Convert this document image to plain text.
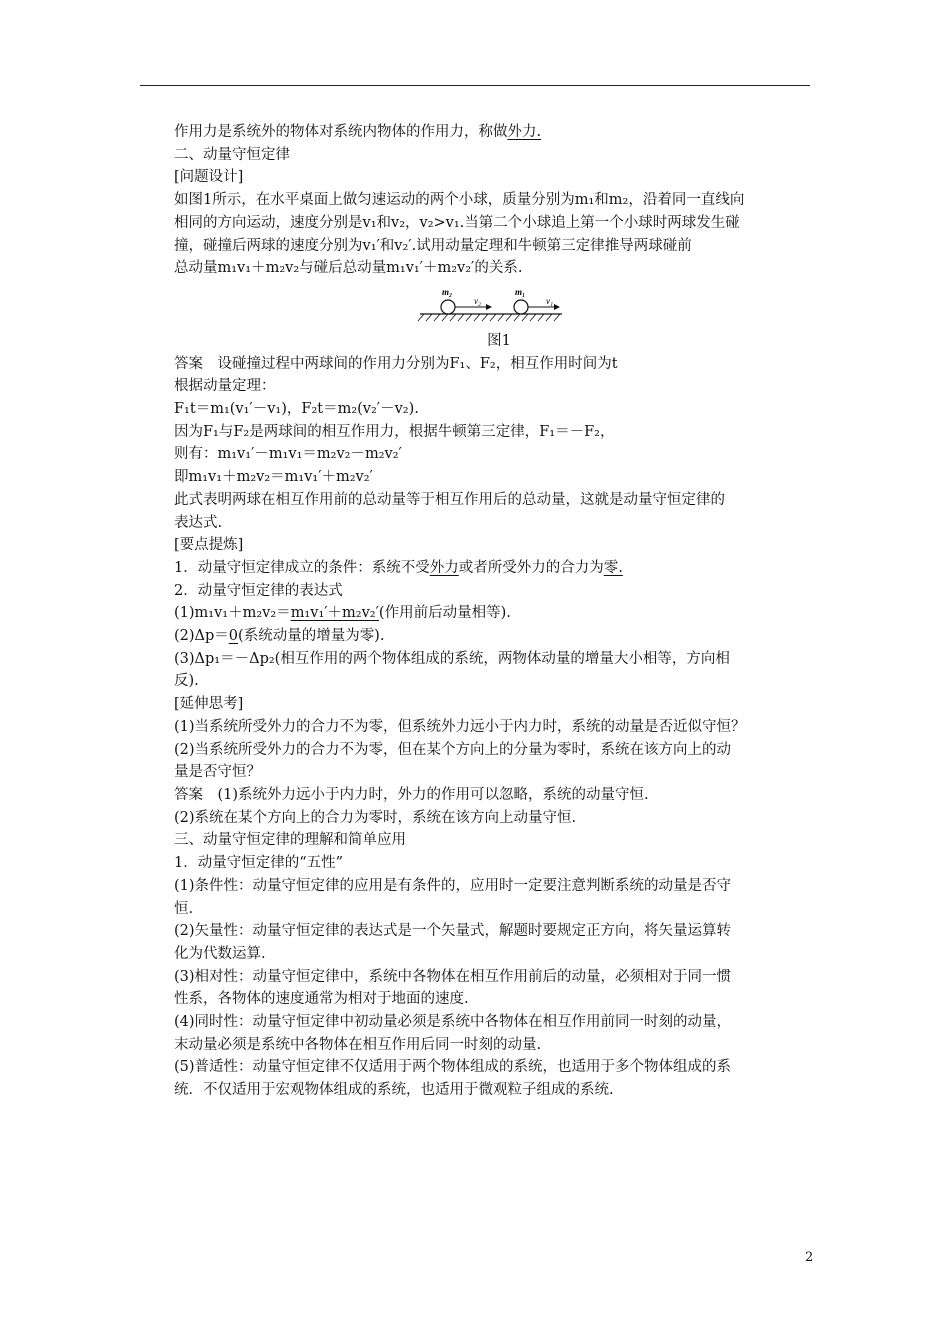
作用力是系统外的物体对系统内物体的作用力，称做外力.
二、动量守恒定律
[问题设计]
如图1所示，在水平桌面上做匀速运动的两个小球，质量分别为m₁和m₂，沿着同一直线向
相同的方向运动，速度分别是v₁和v₂，v₂>v₁.当第二个小球追上第一个小球时两球发生碰
撞，碰撞后两球的速度分别为v₁′和v₂′.试用动量定理和牛顿第三定律推导两球碰前
总动量m₁v₁＋m₂v₂与碰后总动量m₁v₁′＋m₂v₂′的关系.
m₂
v₂
m₁
v₁
图1
答案　设碰撞过程中两球间的作用力分别为F₁、F₂，相互作用时间为t
根据动量定理：
F₁t＝m₁(v₁′－v₁)，F₂t＝m₂(v₂′－v₂).
因为F₁与F₂是两球间的相互作用力，根据牛顿第三定律，F₁＝－F₂，
则有：m₁v₁′－m₁v₁＝m₂v₂－m₂v₂′
即m₁v₁＋m₂v₂＝m₁v₁′＋m₂v₂′
此式表明两球在相互作用前的总动量等于相互作用后的总动量，这就是动量守恒定律的
表达式.
[要点提炼]
1．动量守恒定律成立的条件：系统不受外力或者所受外力的合力为零.
2．动量守恒定律的表达式
(1)m₁v₁＋m₂v₂＝m₁v₁′＋m₂v₂′(作用前后动量相等).
(2)Δp＝0(系统动量的增量为零).
(3)Δp₁＝－Δp₂(相互作用的两个物体组成的系统，两物体动量的增量大小相等，方向相
反).
[延伸思考]
(1)当系统所受外力的合力不为零，但系统外力远小于内力时，系统的动量是否近似守恒？
(2)当系统所受外力的合力不为零，但在某个方向上的分量为零时，系统在该方向上的动
量是否守恒？
答案　(1)系统外力远小于内力时，外力的作用可以忽略，系统的动量守恒.
(2)系统在某个方向上的合力为零时，系统在该方向上动量守恒.
三、动量守恒定律的理解和简单应用
1．动量守恒定律的“五性”
(1)条件性：动量守恒定律的应用是有条件的，应用时一定要注意判断系统的动量是否守
恒.
(2)矢量性：动量守恒定律的表达式是一个矢量式，解题时要规定正方向，将矢量运算转
化为代数运算.
(3)相对性：动量守恒定律中，系统中各物体在相互作用前后的动量，必须相对于同一惯
性系，各物体的速度通常为相对于地面的速度.
(4)同时性：动量守恒定律中初动量必须是系统中各物体在相互作用前同一时刻的动量，
末动量必须是系统中各物体在相互作用后同一时刻的动量.
(5)普适性：动量守恒定律不仅适用于两个物体组成的系统，也适用于多个物体组成的系
统．不仅适用于宏观物体组成的系统，也适用于微观粒子组成的系统.
2
